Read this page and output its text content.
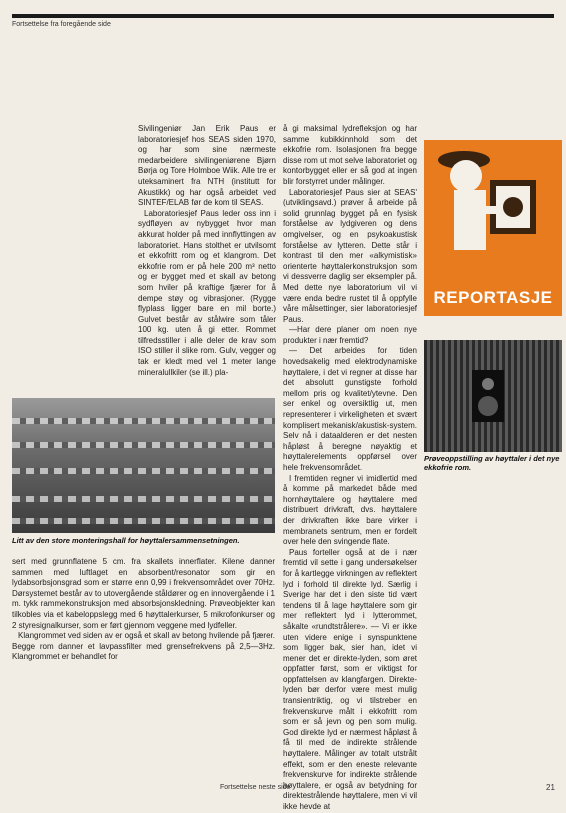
Fortsettelse fra foregående side

Sivilingeniør Jan Erik Paus er laboratoriesjef hos SEAS siden 1970, og har som sine nærmeste medarbeidere sivilingeniørene Bjørn Børja og Tore Holmboe Wiik. Alle tre er uteksaminert fra NTH (institutt for Akustikk) og har også arbeidet ved SINTEF/ELAB før de kom til SEAS.

Laboratoriesjef Paus leder oss inn i sydfløyen av nybygget hvor man akkurat holder på med innflyttingen av laboratoriet. Hans stolthet er utvilsomt et ekkofritt rom og et klangrom. Det ekkofrie rom er på hele 200 m³ netto og er bygget med et skall av betong som hviler på kraftige fjærer for å dempe støy og vibrasjoner. (Rygge flyplass ligger bare en mil borte.) Gulvet består av stålwire som tåler 100 kg. uten å gi etter. Rommet tilfredsstiller i alle deler de krav som ISO stiller il slike rom. Gulv, vegger og tak er kledt med vel 1 meter lange mineralullkiler (se ill.) pla-

Litt av den store monteringshall for høyttalersammensetningen.

sert med grunnflatene 5 cm. fra skallets innerflater. Kilene danner sammen med luftlaget en absorbent/resonator som gir en lydabsorbsjonsgrad som er større enn 0,99 i frekvensområdet over 70Hz. Dørsystemet består av to utovergående ståldører og en innovergående i 1 m. tykk rammekonstruksjon med absorbsjonskledning. Prøveobjekter kan tilkobles via et kabeloppslegg med 6 høyttalerkurser, 5 mikrofonkurser og 2 styresignalkurser, som er ført gjennom veggene med lydfeller.

Klangrommet ved siden av er også et skall av betong hvilende på fjærer. Begge rom danner et lavpassfilter med grensefrekvens på 2,5—3Hz. Klangrommet er behandlet for

å gi maksimal lydrefleksjon og har samme kubikkinnhold som det ekkofrie rom. Isolasjonen fra begge disse rom ut mot selve laboratoriet og kontorbygget eller er så god at ingen blir forstyrret under målinger.

Laboratoriesjef Paus sier at SEAS' (utviklingsavd.) prøver å arbeide på solid grunnlag bygget på en fysisk forståelse av lydgiveren og dens omgivelser, og en psykoakustisk forståelse av lytteren. Dette står i kontrast til den mer «alkymistisk» orienterte høyttalerkonstruksjon som vi dessverre daglig ser eksempler på. Med dette nye laboratorium vil vi være enda bedre rustet til å oppfylle våre målsettinger, sier laboratoriesjef Paus.

—Har dere planer om noen nye produkter i nær fremtid?

— Det arbeides for tiden hovedsakelig med elektrodynamiske høyttalere, i det vi regner at disse har det absolutt gunstigste forhold mellom pris og kvalitet/ytevne. Den ser enkel og oversiktlig ut, men representerer i virkeligheten et svært komplisert mekanisk/akustisk-system. Selv nå i dataalderen er det nesten håpløst å beregne nøyaktig et høyttalerelements oppførsel over hele frekvensområdet.

I fremtiden regner vi imidlertid med å komme på markedet både med hornhøyttalere og høyttalere med distribuert drivkraft, dvs. høyttalere der drivkraften ikke bare virker i membranets sentrum, men er fordelt over hele den svingende flate.

Paus forteller også at de i nær fremtid vil sette i gang undersøkelser for å kartlegge virkningen av reflektert lyd i forhold til direkte lyd. Særlig i Sverige har det i den siste tid vært tendens til å lage høyttalere som gir mer reflektert lyd i lytterommet, såkalte «rundtstrålere». — Vi er ikke uten videre enige i synspunktene som ligger bak, sier han, idet vi mener det er direkte-lyden, som øret oppfatter først, som er viktigst for oppfattelsen av klangfargen. Direkte-lyden bør derfor være mest mulig transientriktig, og vi tilstreber en frekvenskurve målt i ekkofritt rom som er så jevn og pen som mulig. God direkte lyd er nærmest håpløst å få til med de indirekte strålende høyttalere. Målinger av totalt utstrålt effekt, som er den eneste relevante frekvenskurve for indirekte strålende høyttalere, er også av betydning for direktestrålende høyttalere, men vi vil ikke hevde at

REPORTASJE
Prøveoppstilling av høyttaler i det nye ekkofrie rom.
Fortsettelse neste side	21
